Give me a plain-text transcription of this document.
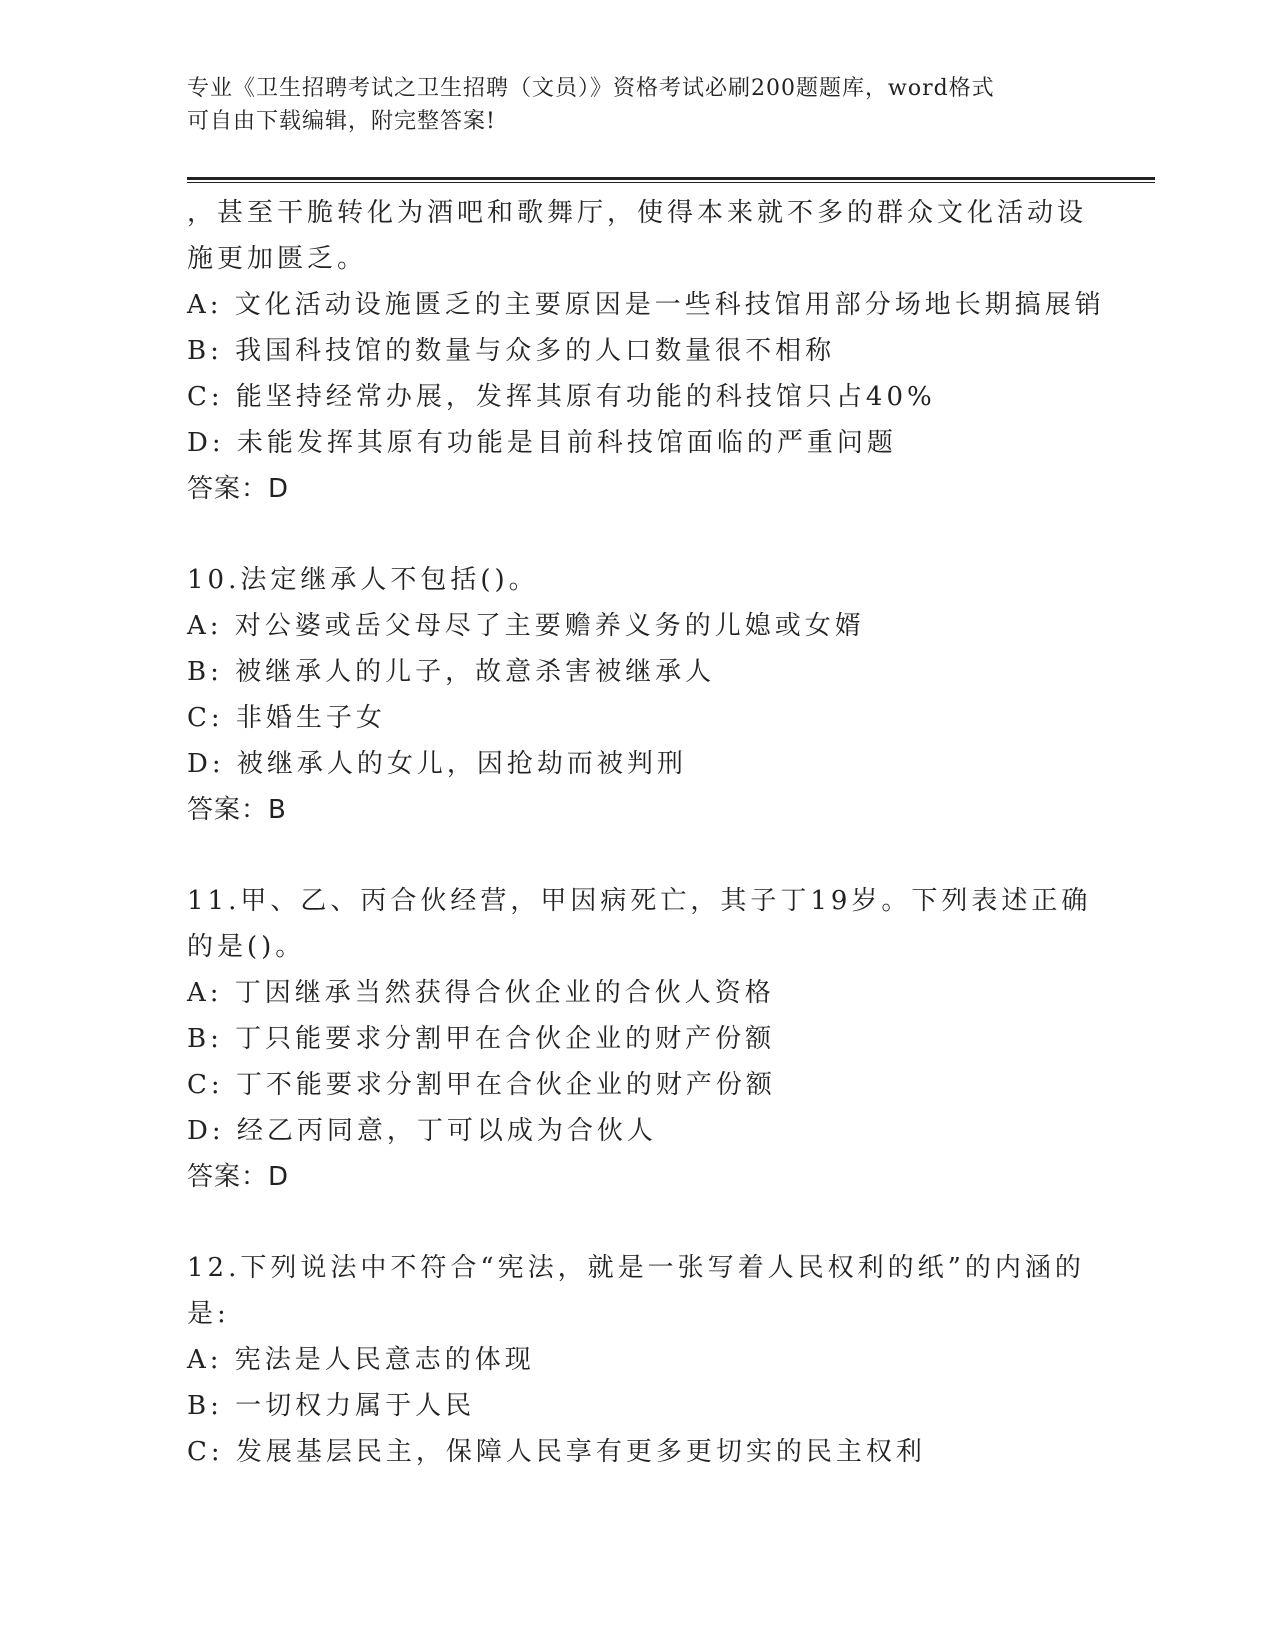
专业《卫生招聘考试之卫生招聘（文员）》资格考试必刷200题题库，word格式
可自由下载编辑，附完整答案!
，甚至干脆转化为酒吧和歌舞厅，使得本来就不多的群众文化活动设
施更加匮乏。
A: 文化活动设施匮乏的主要原因是一些科技馆用部分场地长期搞展销
B: 我国科技馆的数量与众多的人口数量很不相称
C: 能坚持经常办展，发挥其原有功能的科技馆只占40%
D: 未能发挥其原有功能是目前科技馆面临的严重问题
答案：D
10.法定继承人不包括()。
A: 对公婆或岳父母尽了主要赡养义务的儿媳或女婿
B: 被继承人的儿子，故意杀害被继承人
C: 非婚生子女
D: 被继承人的女儿，因抢劫而被判刑
答案：B
11.甲、乙、丙合伙经营，甲因病死亡，其子丁19岁。下列表述正确
的是()。
A: 丁因继承当然获得合伙企业的合伙人资格
B: 丁只能要求分割甲在合伙企业的财产份额
C: 丁不能要求分割甲在合伙企业的财产份额
D: 经乙丙同意，丁可以成为合伙人
答案：D
12.下列说法中不符合“宪法，就是一张写着人民权利的纸”的内涵的
是:
A: 宪法是人民意志的体现
B: 一切权力属于人民
C: 发展基层民主，保障人民享有更多更切实的民主权利
